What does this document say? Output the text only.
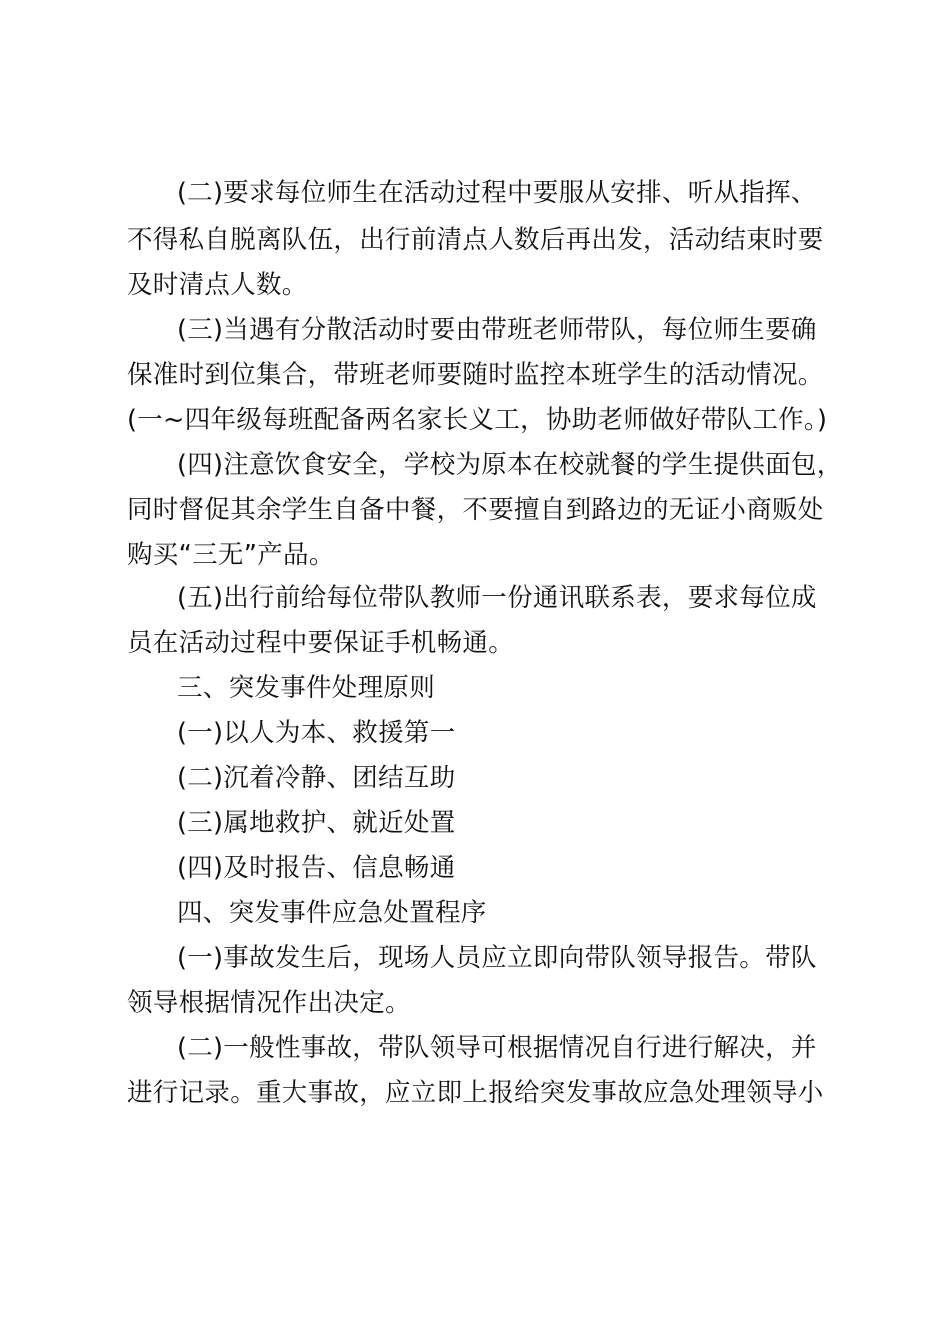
(二)要求每位师生在活动过程中要服从安排、听从指挥、
不得私自脱离队伍，出行前清点人数后再出发，活动结束时要
及时清点人数。
(三)当遇有分散活动时要由带班老师带队，每位师生要确
保准时到位集合，带班老师要随时监控本班学生的活动情况。
(一~四年级每班配备两名家长义工，协助老师做好带队工作。)
(四)注意饮食安全，学校为原本在校就餐的学生提供面包，
同时督促其余学生自备中餐，不要擅自到路边的无证小商贩处
购买“三无”产品。
(五)出行前给每位带队教师一份通讯联系表，要求每位成
员在活动过程中要保证手机畅通。
三、突发事件处理原则
(一)以人为本、救援第一
(二)沉着冷静、团结互助
(三)属地救护、就近处置
(四)及时报告、信息畅通
四、突发事件应急处置程序
(一)事故发生后，现场人员应立即向带队领导报告。带队
领导根据情况作出决定。
(二)一般性事故，带队领导可根据情况自行进行解决，并
进行记录。重大事故，应立即上报给突发事故应急处理领导小
